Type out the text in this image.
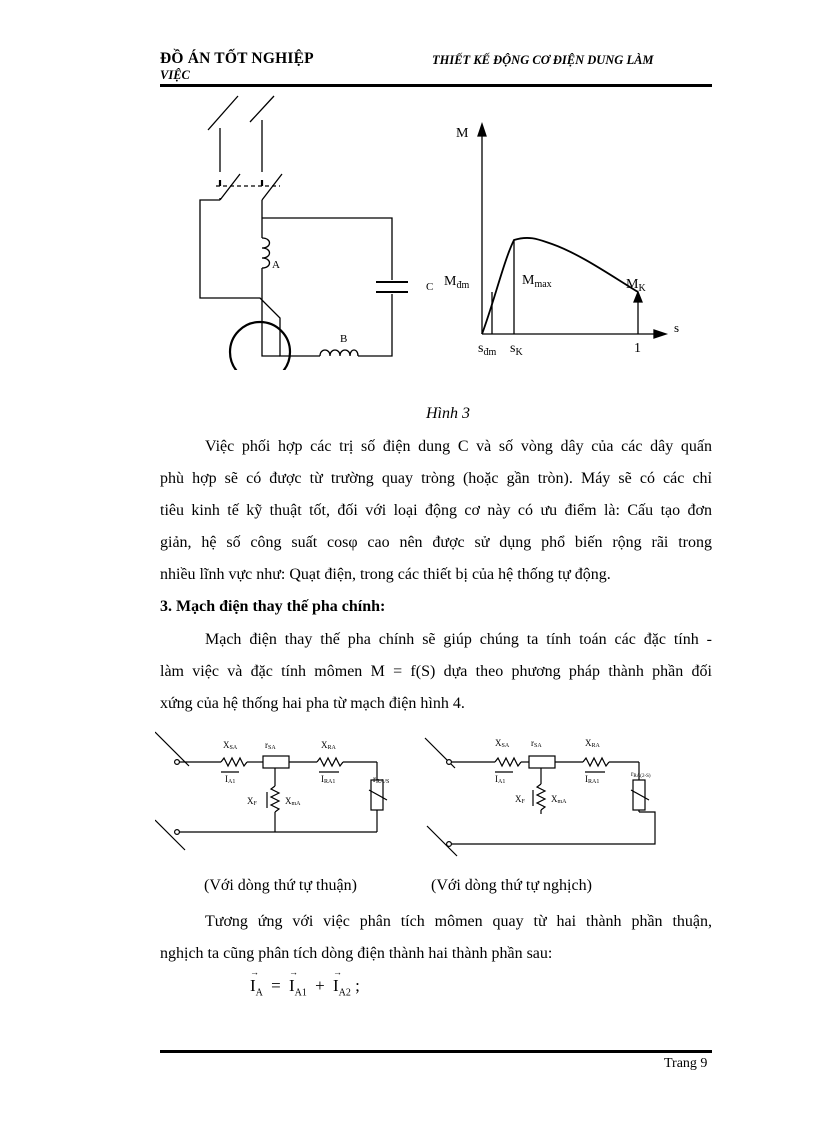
ĐỒ ÁN TỐT NGHIỆP
VIỆC
THIẾT KẾ ĐỘNG CƠ ĐIỆN DUNG LÀM
A
B
C
M
s
$M_{đm}$	$M_{max}$	$M_K$
$s_{đm}$ $s_K$	1
Hình 3

Việc phối hợp các trị số điện dung C và số vòng dây của các dây quấn

phù hợp sẽ có được từ trường quay tròng (hoặc gần tròn). Máy sẽ có các chỉ

tiêu kinh tế kỹ thuật tốt, đối với loại động cơ này có ưu điểm là: Cấu tạo đơn

giản, hệ số công suất cosφ cao nên được sử dụng phổ biến rộng rãi trong

nhiều lĩnh vực như: Quạt điện, trong các thiết bị của hệ thống tự động.

3. Mạch điện thay thế pha chính:

Mạch điện thay thế pha chính sẽ giúp chúng ta tính toán các đặc tính -

làm việc và đặc tính mômen M = f(S) dựa theo phương pháp thành phần đối

xứng của hệ thống hai pha từ mạch điện hình 4.

XSA	rSA	XRA
IA1	IRA1	rRA/S
XF	XmA
XSA rSA	XRA
IA1	IRA1
rRA(2-S)
XF	XmA
(Với dòng thứ tự thuận)	(Với dòng thứ tự nghịch)

Tương ứng với việc phân tích mômen quay từ hai thành phần thuận,

nghịch ta cũng phân tích dòng điện thành hai thành phần sau:

→
$I_A$ =
→
$I_{A1}$ +
→
$I_{A2}$ ;
Trang 9
